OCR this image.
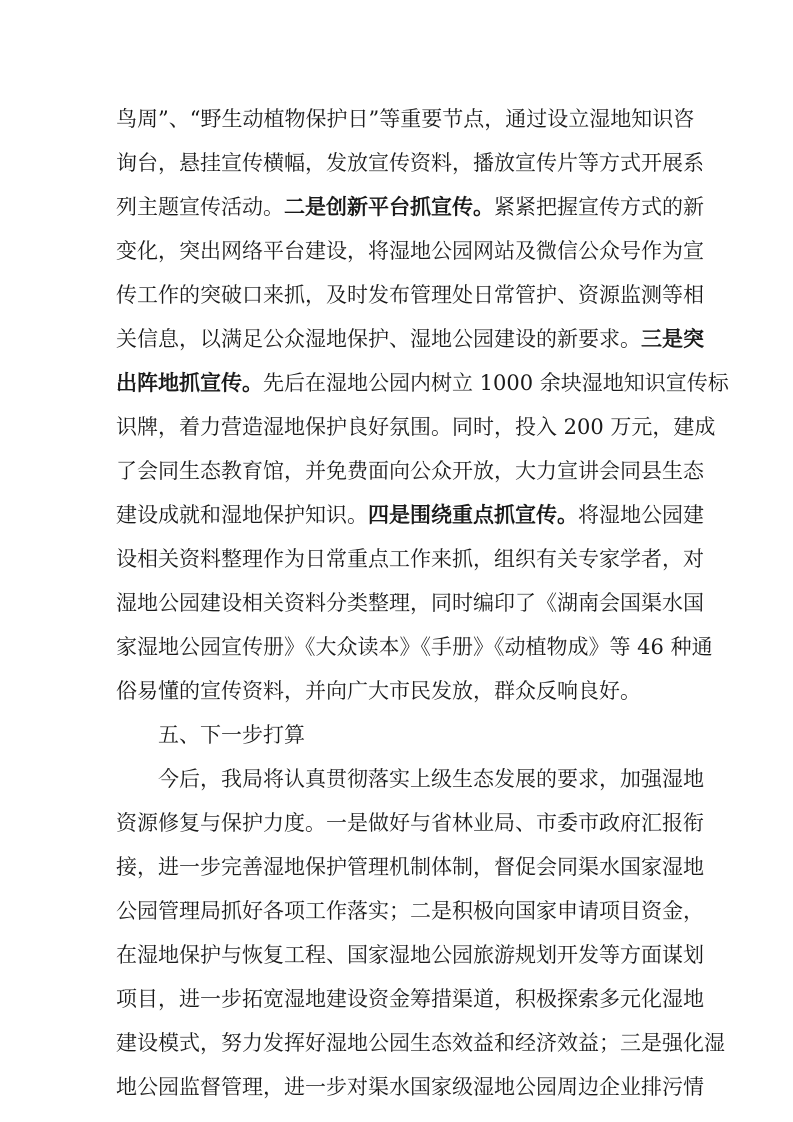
鸟周”、“野生动植物保护日”等重要节点，通过设立湿地知识咨
询台，悬挂宣传横幅，发放宣传资料，播放宣传片等方式开展系
列主题宣传活动。二是创新平台抓宣传。紧紧把握宣传方式的新
变化，突出网络平台建设，将湿地公园网站及微信公众号作为宣
传工作的突破口来抓，及时发布管理处日常管护、资源监测等相
关信息，以满足公众湿地保护、湿地公园建设的新要求。三是突
出阵地抓宣传。先后在湿地公园内树立 1000 余块湿地知识宣传标
识牌，着力营造湿地保护良好氛围。同时，投入 200 万元，建成
了会同生态教育馆，并免费面向公众开放，大力宣讲会同县生态
建设成就和湿地保护知识。四是围绕重点抓宣传。将湿地公园建
设相关资料整理作为日常重点工作来抓，组织有关专家学者，对
湿地公园建设相关资料分类整理，同时编印了《湖南会国渠水国
家湿地公园宣传册》《大众读本》《手册》《动植物成》等 46 种通
俗易懂的宣传资料，并向广大市民发放，群众反响良好。
五、下一步打算
今后，我局将认真贯彻落实上级生态发展的要求，加强湿地
资源修复与保护力度。一是做好与省林业局、市委市政府汇报衔
接，进一步完善湿地保护管理机制体制，督促会同渠水国家湿地
公园管理局抓好各项工作落实；二是积极向国家申请项目资金，
在湿地保护与恢复工程、国家湿地公园旅游规划开发等方面谋划
项目，进一步拓宽湿地建设资金筹措渠道，积极探索多元化湿地
建设模式，努力发挥好湿地公园生态效益和经济效益；三是强化湿
地公园监督管理，进一步对渠水国家级湿地公园周边企业排污情
